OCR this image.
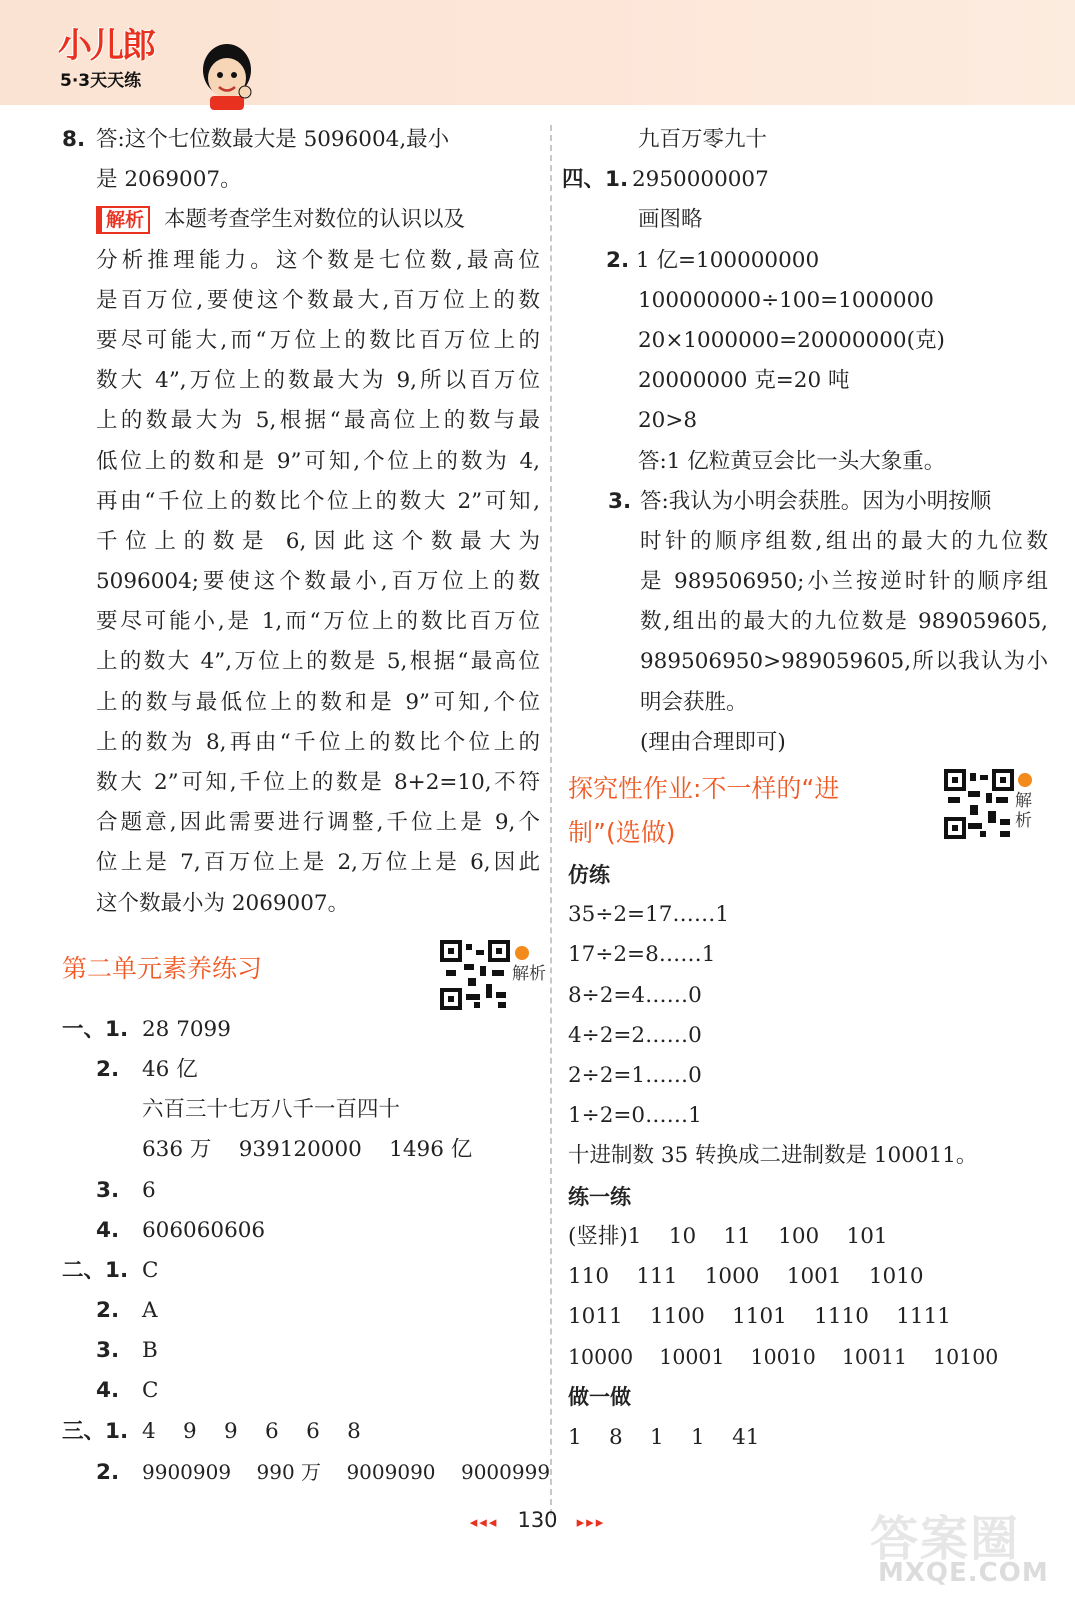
小儿郎
5·3天天练
8. 答:这个七位数最大是 5096004,最小
是 2069007。
解析 本题考查学生对数位的认识以及
分析推理能力。这个数是七位数,最高位
是百万位,要使这个数最大,百万位上的数
要尽可能大,而“万位上的数比百万位上的
数大 4”,万位上的数最大为 9,所以百万位
上的数最大为 5,根据“最高位上的数与最
低位上的数和是 9”可知,个位上的数为 4,
再由“千位上的数比个位上的数大 2”可知,
千位上的数是 6,因此这个数最大为
5096004;要使这个数最小,百万位上的数
要尽可能小,是 1,而“万位上的数比百万位
上的数大 4”,万位上的数是 5,根据“最高位
上的数与最低位上的数和是 9”可知,个位
上的数为 8,再由“千位上的数比个位上的
数大 2”可知,千位上的数是 8+2=10,不符
合题意,因此需要进行调整,千位上是 9,个
位上是 7,百万位上是 2,万位上是 6,因此
这个数最小为 2069007。
第二单元素养练习	解析
一、1. 28 7099
2. 46 亿
六百三十七万八千一百四十
636 万    939120000    1496 亿
3. 6
4. 606060606
二、1. C
2. A
3. B
4. C
三、1. 4    9    9    6    6    8
2. 9900909    990 万    9009090    9000999
九百万零九十
四、1. 2950000007
画图略
2. 1 亿=100000000
100000000÷100=1000000
20×1000000=20000000(克)
20000000 克=20 吨
20>8
答:1 亿粒黄豆会比一头大象重。
3. 答:我认为小明会获胜。因为小明按顺
时针的顺序组数,组出的最大的九位数
是 989506950;小兰按逆时针的顺序组
数,组出的最大的九位数是 989059605,
989506950>989059605,所以我认为小
明会获胜。
(理由合理即可)
探究性作业:不一样的“进
制”(选做)
解析
仿练
35÷2=17……1
17÷2=8……1
8÷2=4……0
4÷2=2……0
2÷2=1……0
1÷2=0……1
十进制数 35 转换成二进制数是 100011。
练一练
(竖排)1    10    11    100    101
110    111    1000    1001    1010
1011    1100    1101    1110    1111
10000    10001    10010    10011    10100
做一做
1    8    1    1    41
◂◂◂ 130 ▸▸▸	答案圈
MXQE.COM
